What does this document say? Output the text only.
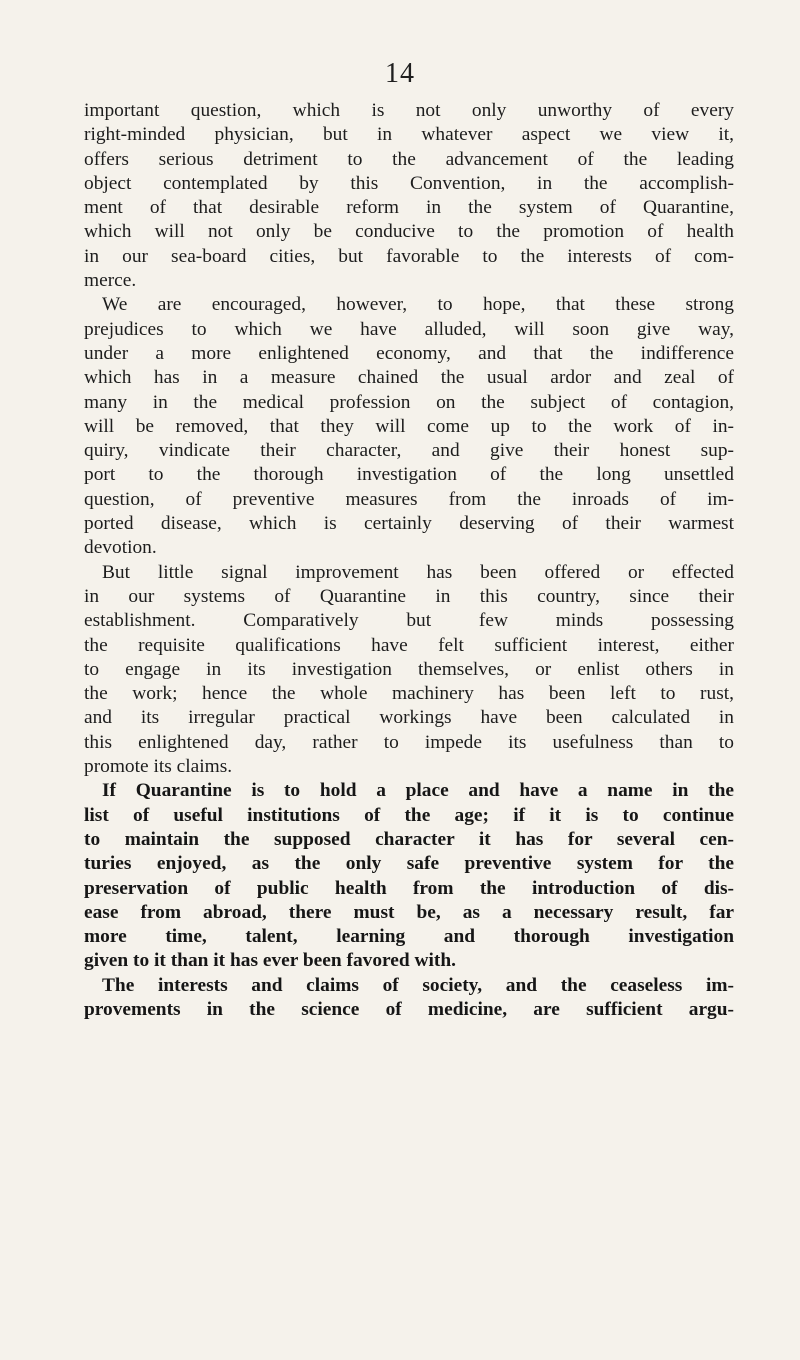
14
important question, which is not only unworthy of every
right-minded physician, but in whatever aspect we view it,
offers serious detriment to the advancement of the leading
object contemplated by this Convention, in the accomplish-
ment of that desirable reform in the system of Quarantine,
which will not only be conducive to the promotion of health
in our sea-board cities, but favorable to the interests of com-
merce.
We are encouraged, however, to hope, that these strong
prejudices to which we have alluded, will soon give way,
under a more enlightened economy, and that the indifference
which has in a measure chained the usual ardor and zeal of
many in the medical profession on the subject of contagion,
will be removed, that they will come up to the work of in-
quiry, vindicate their character, and give their honest sup-
port to the thorough investigation of the long unsettled
question, of preventive measures from the inroads of im-
ported disease, which is certainly deserving of their warmest
devotion.
But little signal improvement has been offered or effected
in our systems of Quarantine in this country, since their
establishment. Comparatively but few minds possessing
the requisite qualifications have felt sufficient interest, either
to engage in its investigation themselves, or enlist others in
the work; hence the whole machinery has been left to rust,
and its irregular practical workings have been calculated in
this enlightened day, rather to impede its usefulness than to
promote its claims.
If Quarantine is to hold a place and have a name in the
list of useful institutions of the age; if it is to continue
to maintain the supposed character it has for several cen-
turies enjoyed, as the only safe preventive system for the
preservation of public health from the introduction of dis-
ease from abroad, there must be, as a necessary result, far
more time, talent, learning and thorough investigation
given to it than it has ever been favored with.
The interests and claims of society, and the ceaseless im-
provements in the science of medicine, are sufficient argu-
